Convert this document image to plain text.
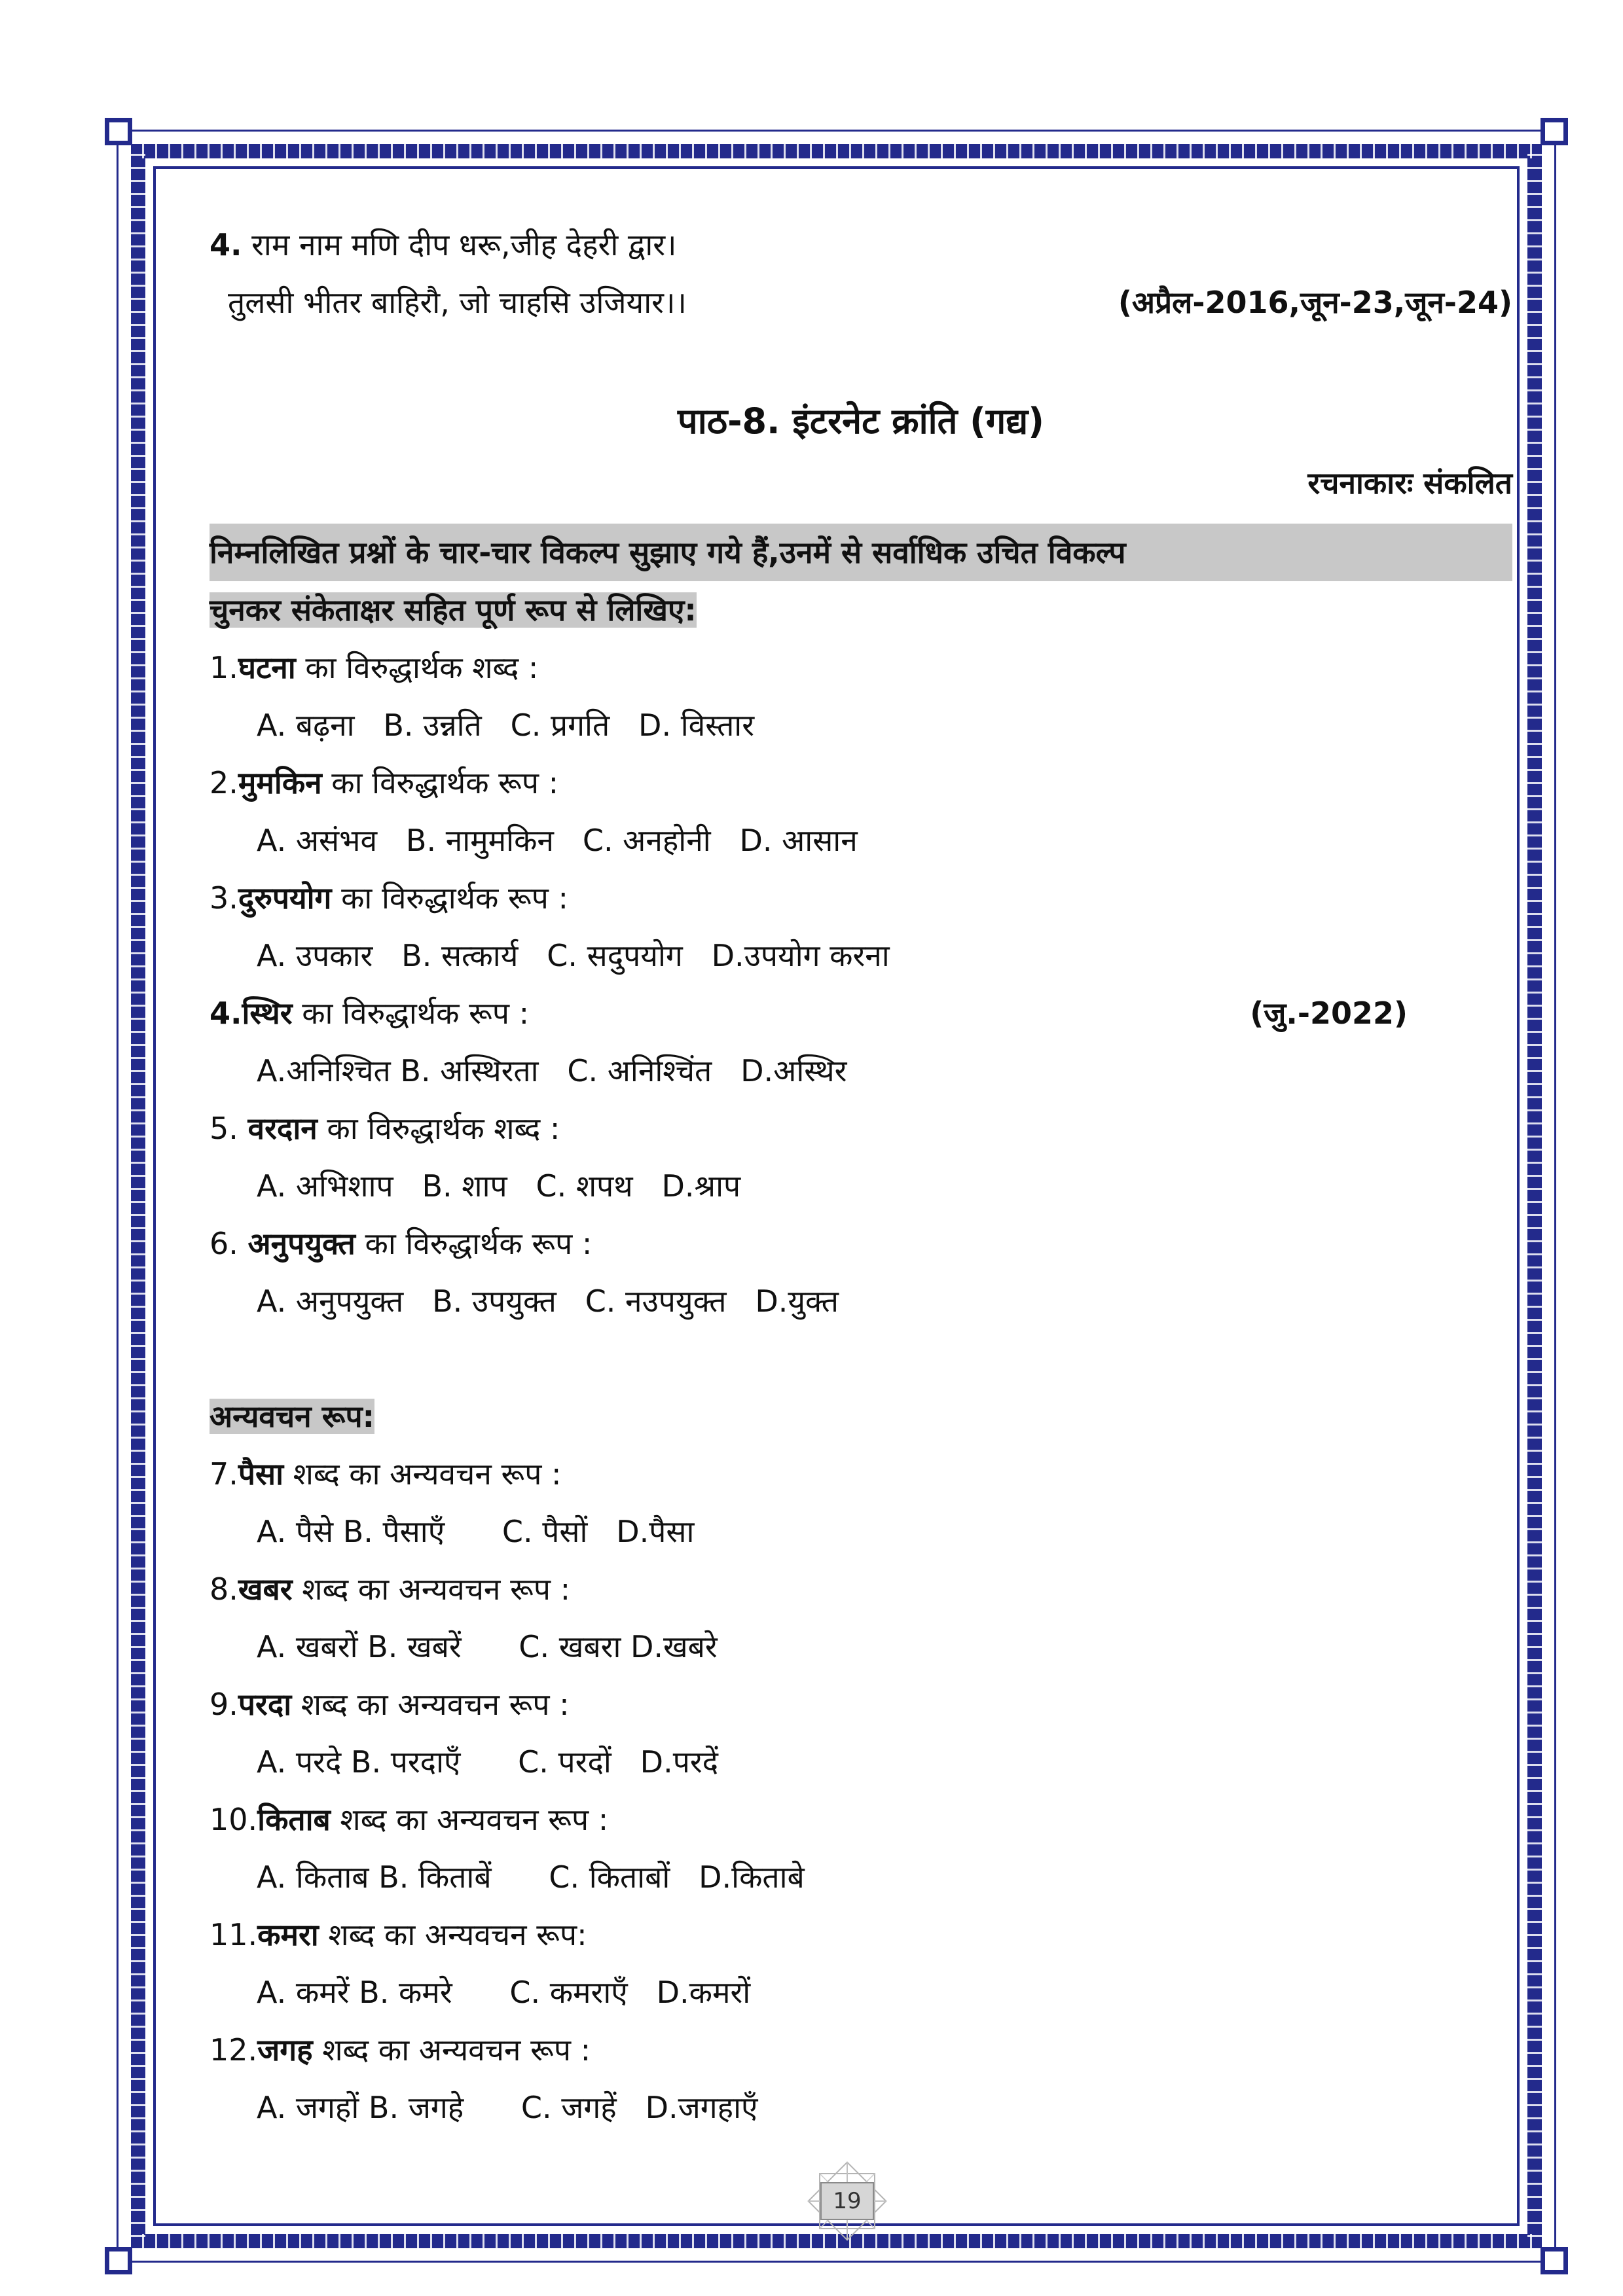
4. राम नाम मणि दीप धरू,जीह देहरी द्वार।
तुलसी भीतर बाहिरौ, जो चाहसि उजियार।।	(अप्रैल-2016,जून-23,जून-24)
पाठ-8. इंटरनेट क्रांति (गद्य)
रचनाकारः संकलित
निम्नलिखित प्रश्नों के चार-चार विकल्प सुझाए गये हैं,उनमें से सर्वाधिक उचित विकल्प
चुनकर संकेताक्षर सहित पूर्ण रूप से लिखिए:
1.घटना का विरुद्धार्थक शब्द :
A. बढ़ना   B. उन्नति   C. प्रगति   D. विस्तार
2.मुमकिन का विरुद्धार्थक रूप :
A. असंभव   B. नामुमकिन   C. अनहोनी   D. आसान
3.दुरुपयोग का विरुद्धार्थक रूप :
A. उपकार   B. सत्कार्य   C. सदुपयोग   D.उपयोग करना
4.स्थिर का विरुद्धार्थक रूप :	(जु.-2022)
A.अनिश्चित B. अस्थिरता   C. अनिश्चिंत   D.अस्थिर
5. वरदान का विरुद्धार्थक शब्द :
A. अभिशाप   B. शाप   C. शपथ   D.श्राप
6. अनुपयुक्त का विरुद्धार्थक रूप :
A. अनुपयुक्त   B. उपयुक्त   C. नउपयुक्त   D.युक्त
अन्यवचन रूप:
7.पैसा शब्द का अन्यवचन रूप :
A. पैसे B. पैसाएँ      C. पैसों   D.पैसा
8.खबर शब्द का अन्यवचन रूप :
A. खबरों B. खबरें      C. खबरा D.खबरे
9.परदा शब्द का अन्यवचन रूप :
A. परदे B. परदाएँ      C. परदों   D.परदें
10.किताब शब्द का अन्यवचन रूप :
A. किताब B. किताबें      C. किताबों   D.किताबे
11.कमरा शब्द का अन्यवचन रूप:
A. कमरें B. कमरे      C. कमराएँ   D.कमरों
12.जगह शब्द का अन्यवचन रूप :
A. जगहों B. जगहे      C. जगहें   D.जगहाएँ
19
